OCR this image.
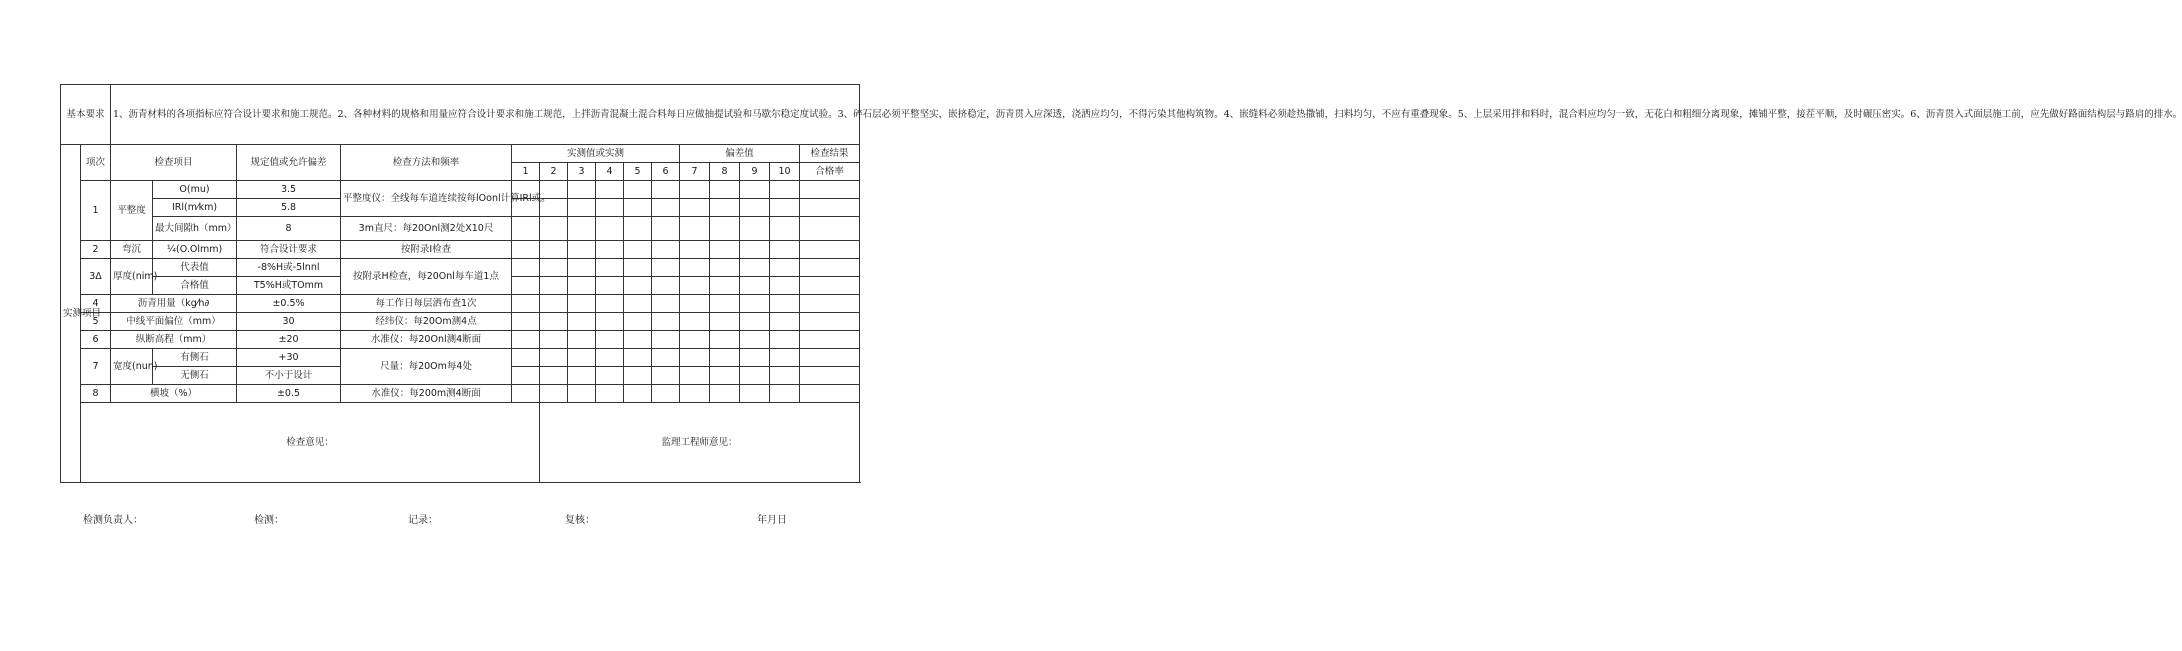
基本要求		1、沥青材料的各项指标应符合设计要求和施工规范。2、各种材料的规格和用量应符合设计要求和施工规范，上拌沥青混凝土混合料每日应做抽提试验和马歇尔稳定度试验。3、碎石层必须平整坚实，嵌挤稳定，沥青贯入应深透，浇洒应均匀，不得污染其他构筑物。4、嵌缝料必须趁热撒铺，扫料均匀，不应有重叠现象。5、上层采用拌和料时，混合料应均匀一致，无花白和粗细分离现象，摊铺平整，接茬平顺，及时碾压密实。6、沥青贯入式面层施工前，应先做好路面结构层与路肩的排水。														
实测项目	项次	检查项目		规定值或允许偏差	检查方法和频率	实测值或实测						偏差值				检查结果
						1	2	3	4	5	6	7	8	9	10	合格率
	1	平整度	O(mu)	3.5	平整度仪：全线每车道连续按每lOonl计算IRl或。											
			IRl(m⁄km)	5.8												
			最大间隙h（mm）	8	3m直尺：每20Onl测2处X10尺											
	2	弯沉	¼(O.Olmm)	符合设计要求	按附录I检查											
	3Δ	厚度(nim)	代表值	-8%H或-5lnnl	按附录H检查，每20Onl每车道1点											
			合格值	T5%H或TOmm												
	4	沥青用量（kg⁄h∂		±0.5%	每工作日每层洒布查1次											
	5	中线平面偏位（mm）		30	经纬仪：每20Om测4点											
	6	纵断高程（mm）		±20	水准仪：每20Onl测4断面											
	7	宽度(nun)	有侧石	+30	尺量：每20Om每4处											
			无侧石	不小于设计												
	8	横坡（%）		±0.5	水准仪：每200m测4断面											
	检查意见：						监理工程师意见：									
检测负责人：	检测：	记录：	复核：	年月日
